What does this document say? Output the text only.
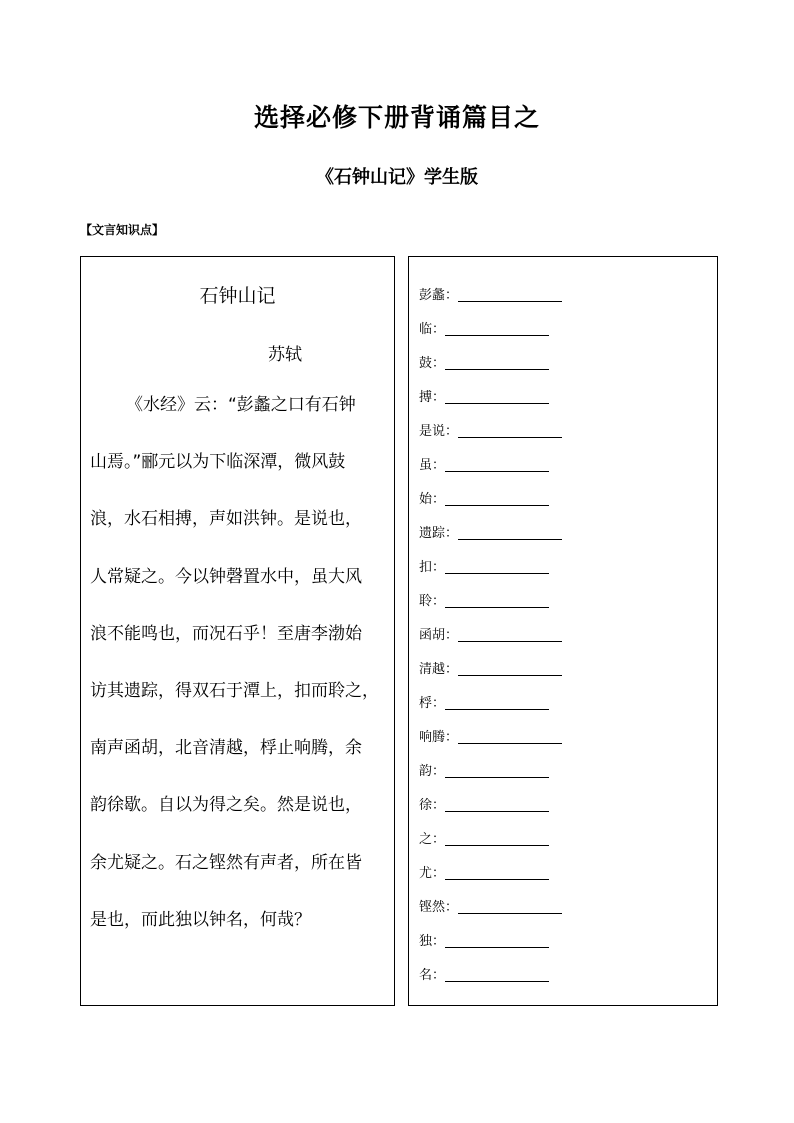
选择必修下册背诵篇目之
《石钟山记》学生版
【文言知识点】
石钟山记
苏轼
《水经》云：“彭蠡之口有石钟
山焉。”郦元以为下临深潭，微风鼓
浪，水石相搏，声如洪钟。是说也，
人常疑之。今以钟磬置水中，虽大风
浪不能鸣也，而况石乎！至唐李渤始
访其遗踪，得双石于潭上，扣而聆之，
南声函胡，北音清越，桴止响腾，余
韵徐歇。自以为得之矣。然是说也，
余尤疑之。石之铿然有声者，所在皆
是也，而此独以钟名，何哉？
彭蠡：
临：
鼓：
搏：
是说：
虽：
始：
遗踪：
扣：
聆：
函胡：
清越：
桴：
响腾：
韵：
徐：
之：
尤：
铿然：
独：
名：
